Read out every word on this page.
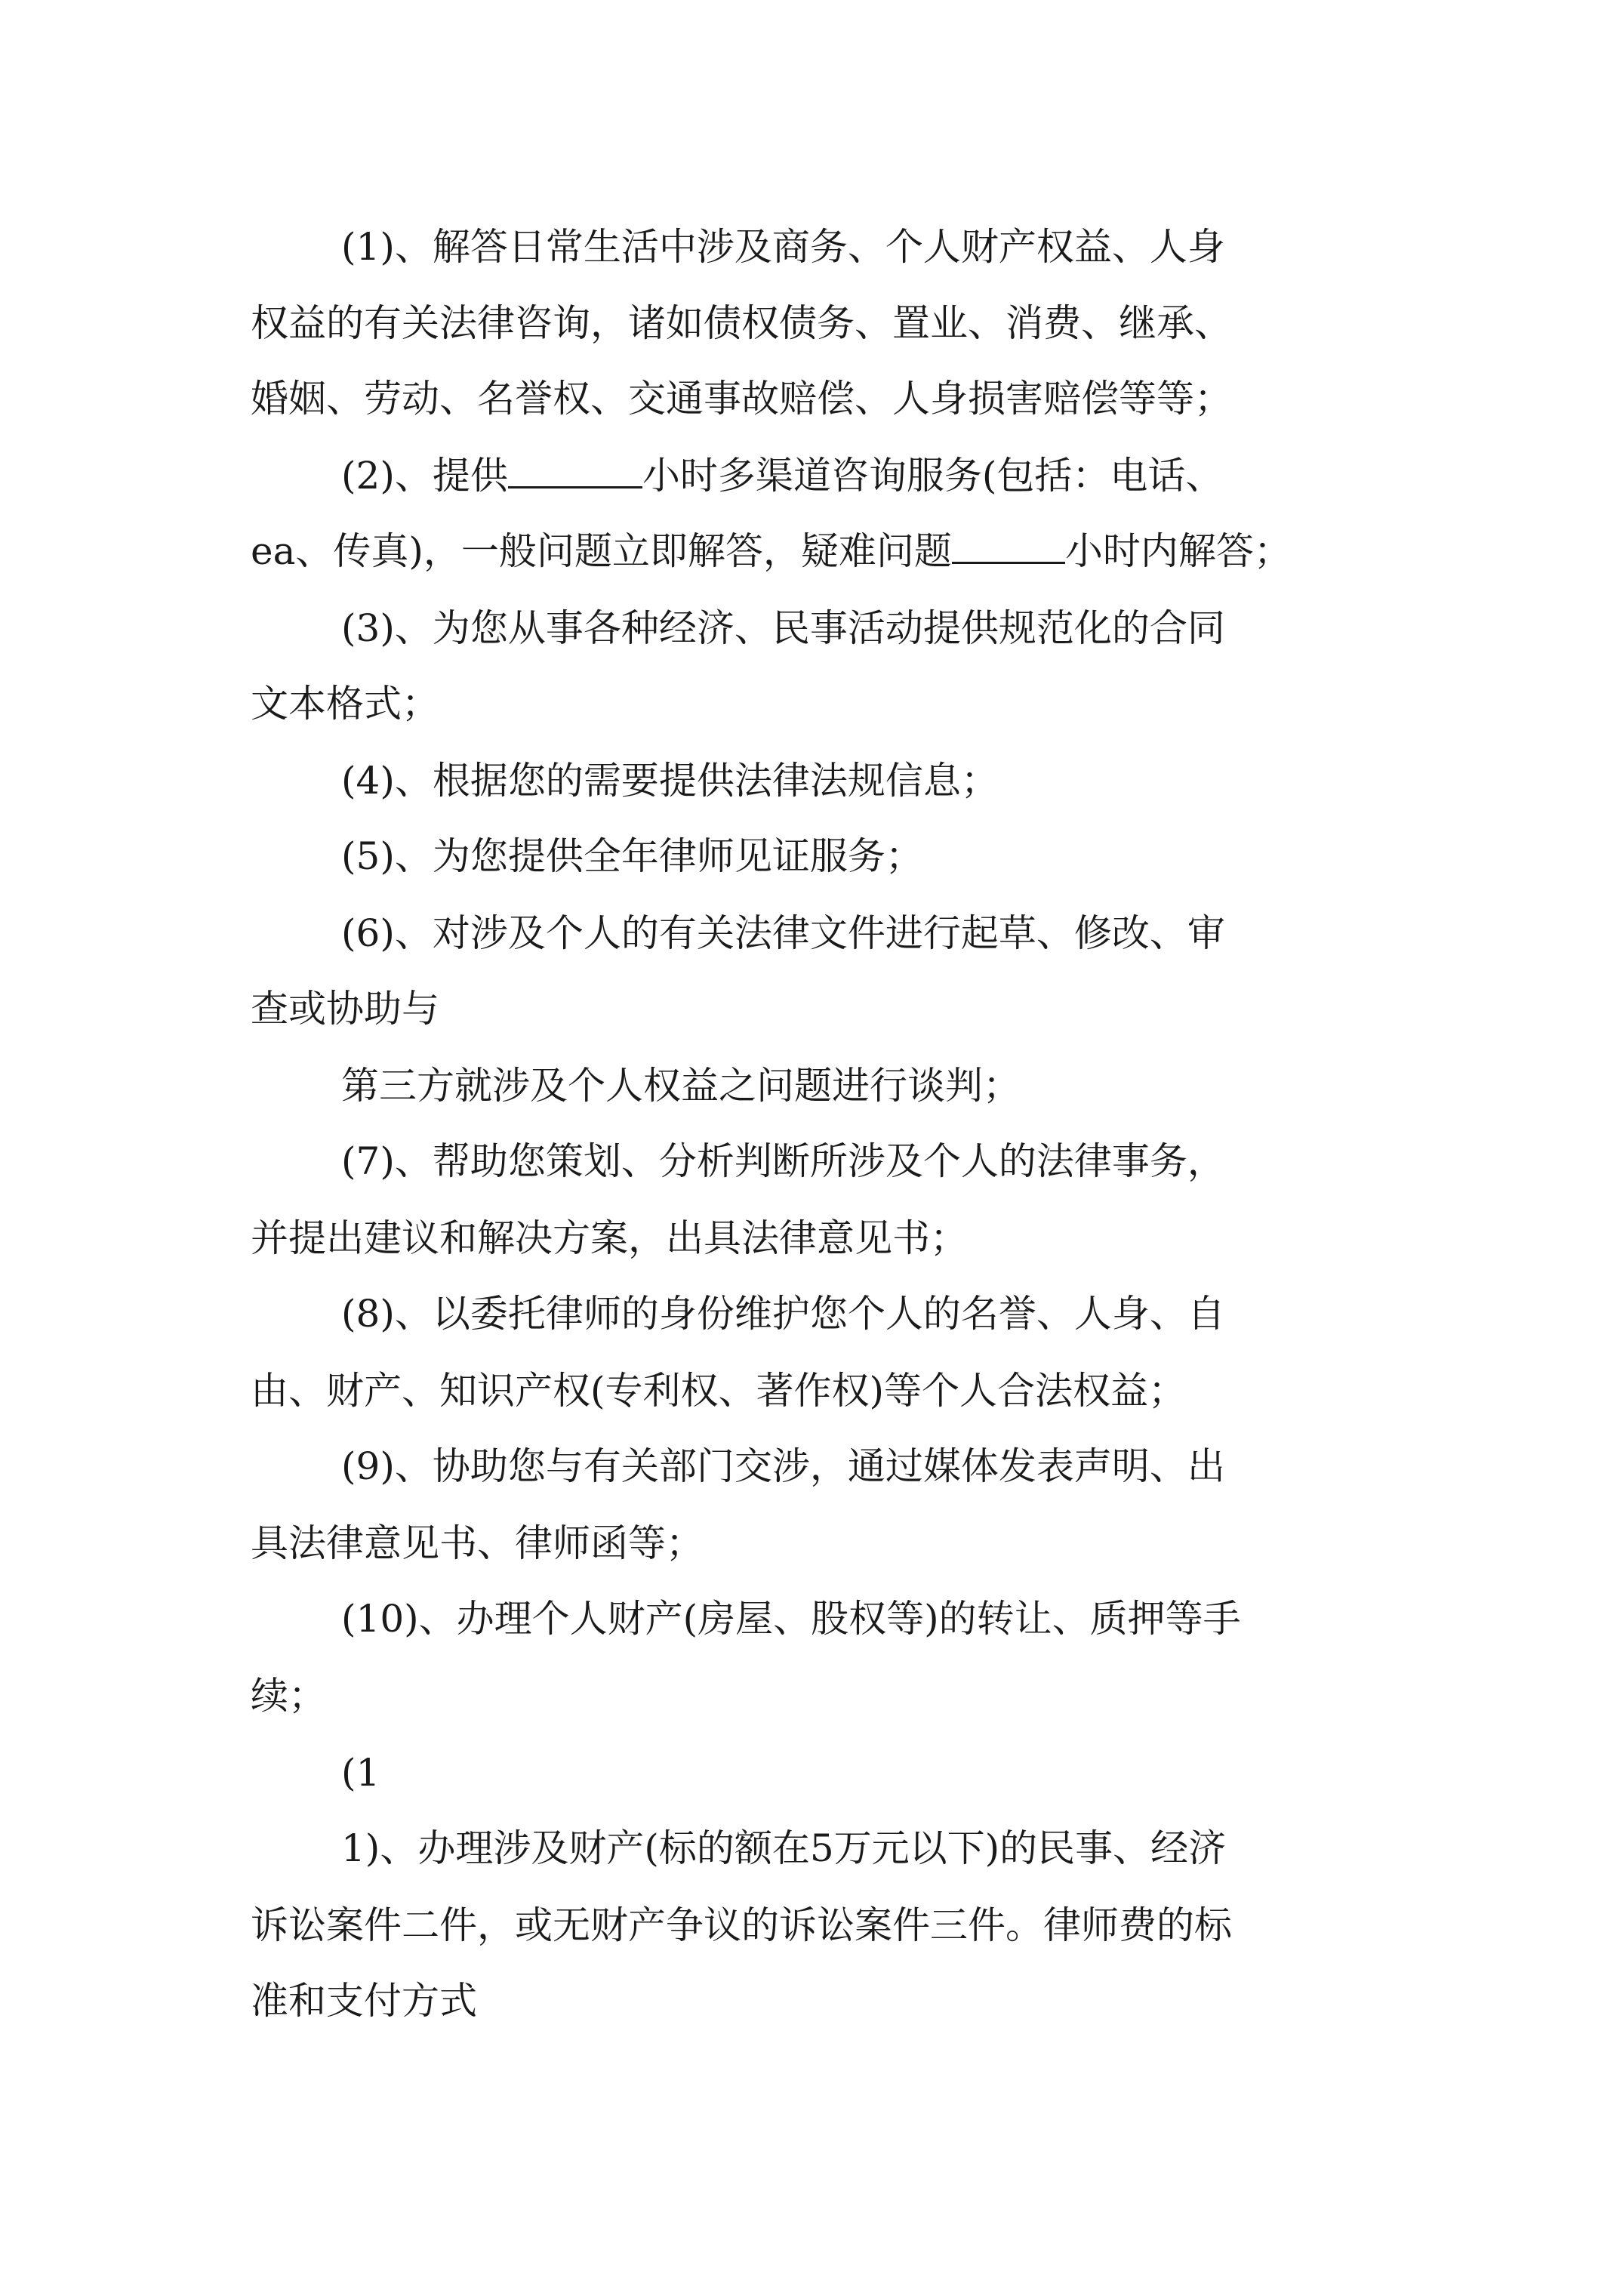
(1)、解答日常生活中涉及商务、个人财产权益、人身
权益的有关法律咨询，诸如债权债务、置业、消费、继承、
婚姻、劳动、名誉权、交通事故赔偿、人身损害赔偿等等；
(2)、提供	小时多渠道咨询服务(包括：电话、
ea、传真)，一般问题立即解答，疑难问题	小时内解答；
(3)、为您从事各种经济、民事活动提供规范化的合同
文本格式；
(4)、根据您的需要提供法律法规信息；
(5)、为您提供全年律师见证服务；
(6)、对涉及个人的有关法律文件进行起草、修改、审
查或协助与
第三方就涉及个人权益之问题进行谈判；
(7)、帮助您策划、分析判断所涉及个人的法律事务，
并提出建议和解决方案，出具法律意见书；
(8)、以委托律师的身份维护您个人的名誉、人身、自
由、财产、知识产权(专利权、著作权)等个人合法权益；
(9)、协助您与有关部门交涉，通过媒体发表声明、出
具法律意见书、律师函等；
(10)、办理个人财产(房屋、股权等)的转让、质押等手
续；
(1
1)、办理涉及财产(标的额在5万元以下)的民事、经济
诉讼案件二件，或无财产争议的诉讼案件三件。律师费的标
准和支付方式
